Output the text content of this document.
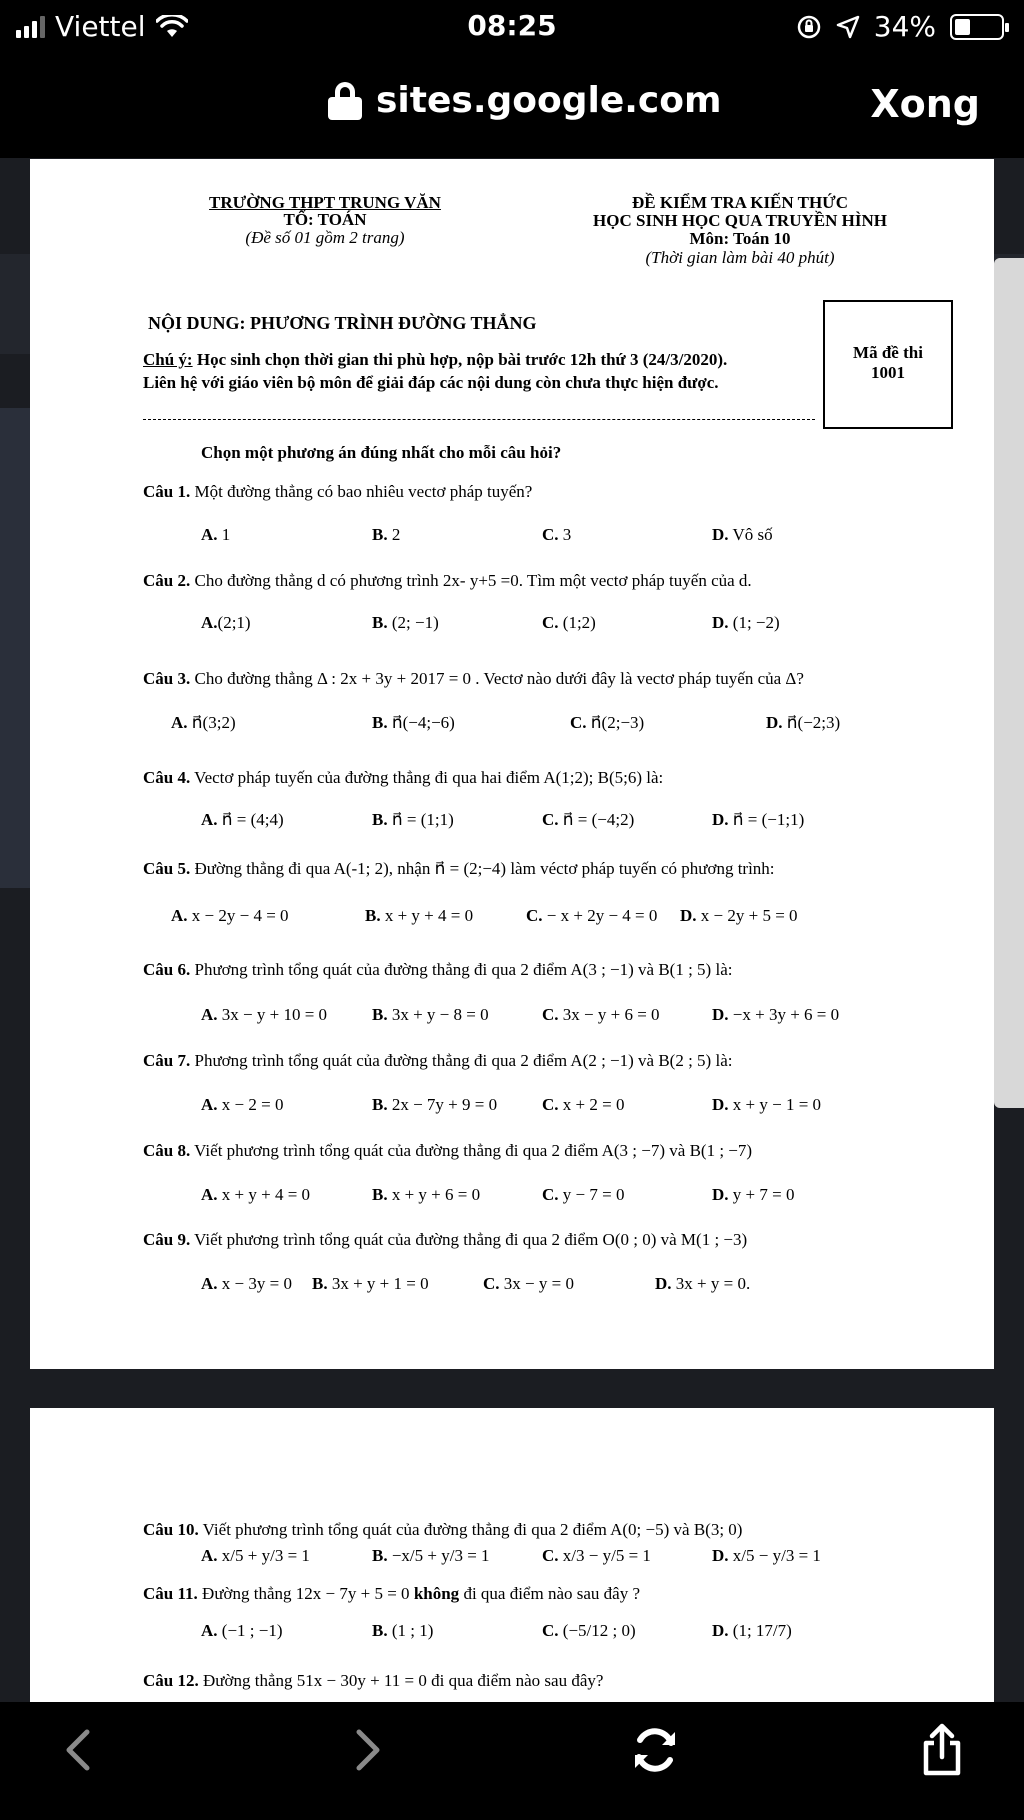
Viettel	08:25	34%
sites.google.com	Xong
TRƯỜNG THPT TRUNG VĂN
TỔ: TOÁN
(Đề số 01 gồm 2 trang)
ĐỀ KIỂM TRA KIẾN THỨC
HỌC SINH HỌC QUA TRUYỀN HÌNH
Môn: Toán 10
(Thời gian làm bài 40 phút)
NỘI DUNG: PHƯƠNG TRÌNH ĐƯỜNG THẲNG
Chú ý: Học sinh chọn thời gian thi phù hợp, nộp bài trước 12h thứ 3 (24/3/2020).
Liên hệ với giáo viên bộ môn để giải đáp các nội dung còn chưa thực hiện được.
Mã đề thi
1001
Chọn một phương án đúng nhất cho mỗi câu hỏi?
Câu 1. Một đường thẳng có bao nhiêu vectơ pháp tuyến?
A. 1	B. 2	C. 3	D. Vô số
Câu 2. Cho đường thẳng d có phương trình 2x- y+5 =0. Tìm một vectơ pháp tuyến của d.
A.(2;1)	B. (2; −1)	C. (1;2)	D. (1; −2)
Câu 3. Cho đường thẳng Δ : 2x + 3y + 2017 = 0 . Vectơ nào dưới đây là vectơ pháp tuyến của Δ?
A. n⃗(3;2)	B. n⃗(−4;−6)	C. n⃗(2;−3)	D. n⃗(−2;3)
Câu 4. Vectơ pháp tuyến của đường thẳng đi qua hai điểm A(1;2); B(5;6) là:
A. n⃗ = (4;4)	B. n⃗ = (1;1)	C. n⃗ = (−4;2)	D. n⃗ = (−1;1)
Câu 5. Đường thẳng đi qua A(-1; 2), nhận n⃗ = (2;−4) làm véctơ pháp tuyến có phương trình:
A. x − 2y − 4 = 0	B. x + y + 4 = 0	C. − x + 2y − 4 = 0 D. x − 2y + 5 = 0
Câu 6. Phương trình tổng quát của đường thẳng đi qua 2 điểm A(3 ; −1) và B(1 ; 5) là:
A. 3x − y + 10 = 0	B. 3x + y − 8 = 0	C. 3x − y + 6 = 0	D. −x + 3y + 6 = 0
Câu 7. Phương trình tổng quát của đường thẳng đi qua 2 điểm A(2 ; −1) và B(2 ; 5) là:
A. x − 2 = 0	B. 2x − 7y + 9 = 0	C. x + 2 = 0	D. x + y − 1 = 0
Câu 8. Viết phương trình tổng quát của đường thẳng đi qua 2 điểm A(3 ; −7) và B(1 ; −7)
A. x + y + 4 = 0	B. x + y + 6 = 0	C. y − 7 = 0	D. y + 7 = 0
Câu 9. Viết phương trình tổng quát của đường thẳng đi qua 2 điểm O(0 ; 0) và M(1 ; −3)
A. x − 3y = 0 B. 3x + y + 1 = 0	C. 3x − y = 0	D. 3x + y = 0.
Câu 10. Viết phương trình tổng quát của đường thẳng đi qua 2 điểm A(0; −5) và B(3; 0)
A. x/5 + y/3 = 1	B. −x/5 + y/3 = 1	C. x/3 − y/5 = 1	D. x/5 − y/3 = 1
Câu 11. Đường thẳng 12x − 7y + 5 = 0 không đi qua điểm nào sau đây ?
A. (−1 ; −1)	B. (1 ; 1)	C. (−5/12 ; 0)	D. (1; 17/7)
Câu 12. Đường thẳng 51x − 30y + 11 = 0 đi qua điểm nào sau đây?
